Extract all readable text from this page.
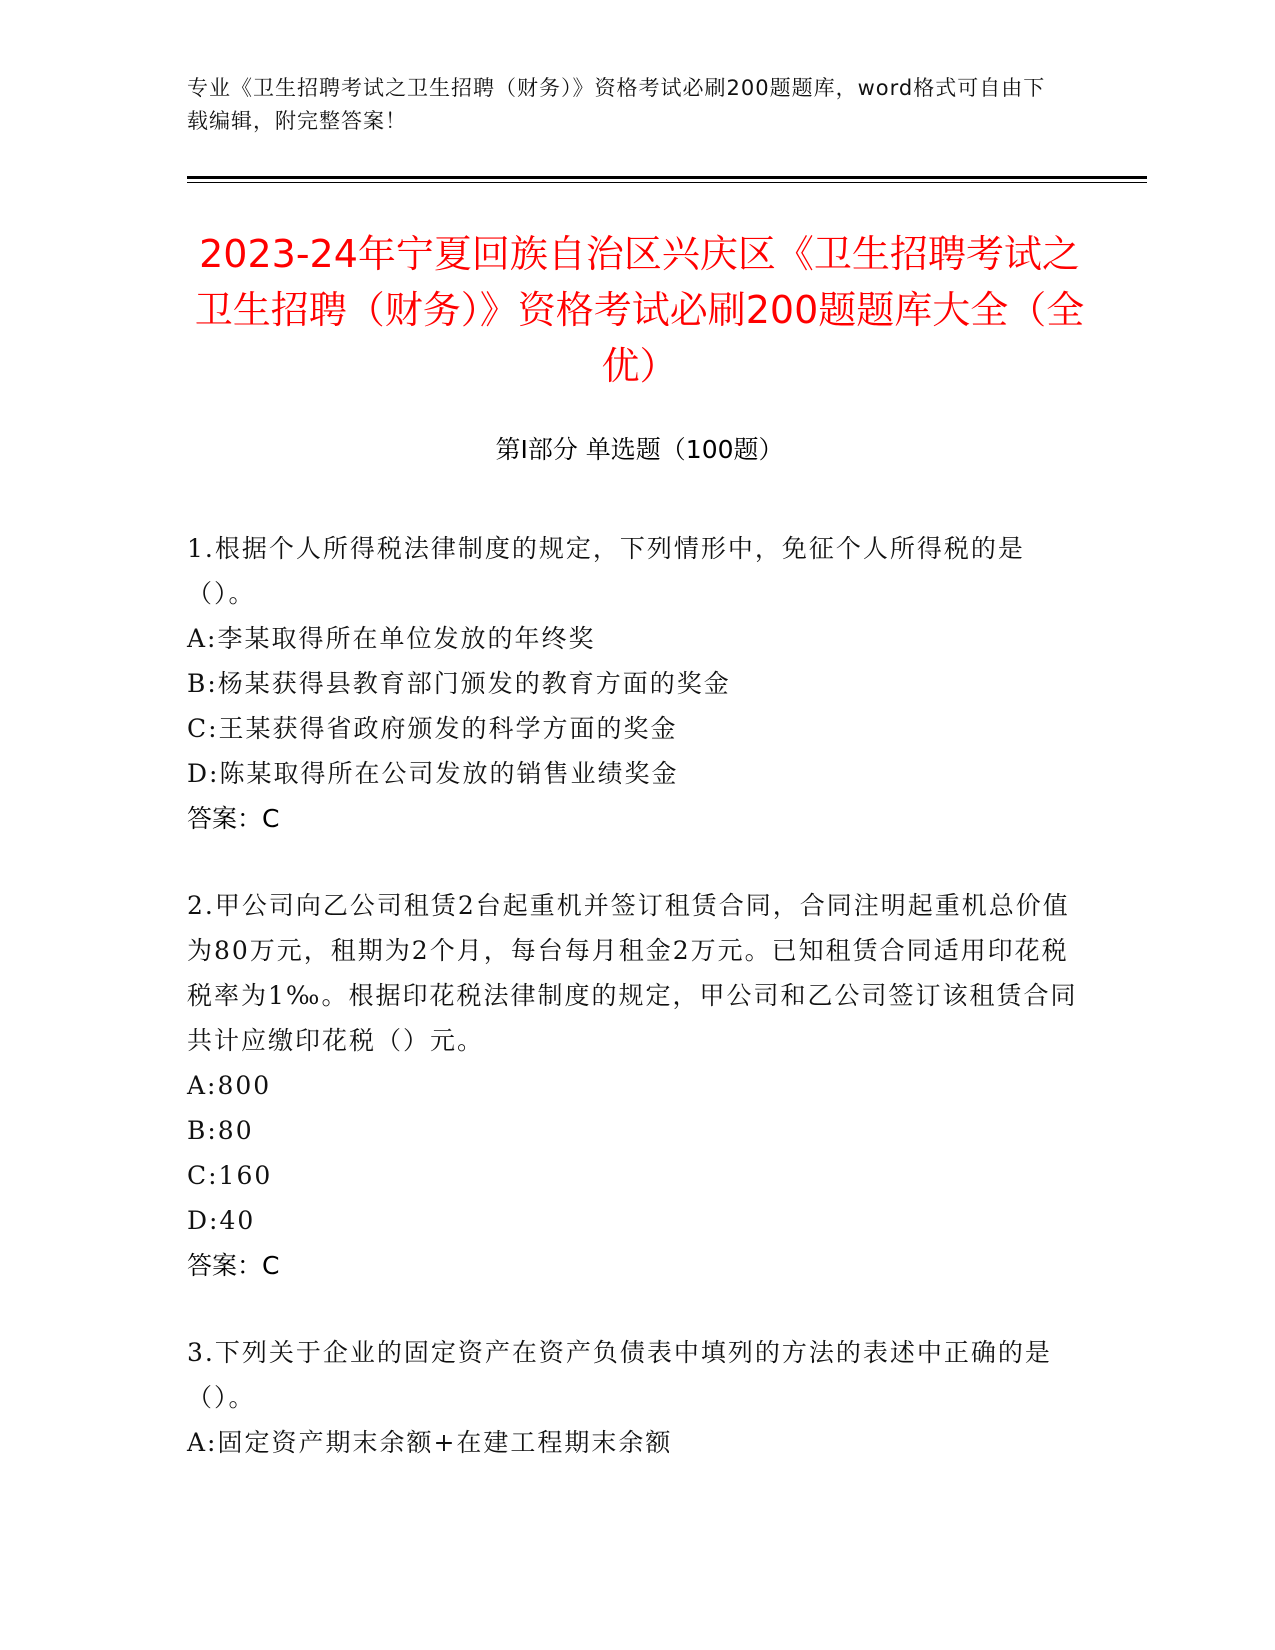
专业《卫生招聘考试之卫生招聘（财务）》资格考试必刷200题题库，word格式可自由下载编辑，附完整答案！
2023-24年宁夏回族自治区兴庆区《卫生招聘考试之卫生招聘（财务）》资格考试必刷200题题库大全（全优）
第I部分 单选题（100题）
1.根据个人所得税法律制度的规定，下列情形中，免征个人所得税的是（）。
A:李某取得所在单位发放的年终奖
B:杨某获得县教育部门颁发的教育方面的奖金
C:王某获得省政府颁发的科学方面的奖金
D:陈某取得所在公司发放的销售业绩奖金
答案：C
2.甲公司向乙公司租赁2台起重机并签订租赁合同，合同注明起重机总价值为80万元，租期为2个月，每台每月租金2万元。已知租赁合同适用印花税税率为1‰。根据印花税法律制度的规定，甲公司和乙公司签订该租赁合同共计应缴印花税（）元。
A:800
B:80
C:160
D:40
答案：C
3.下列关于企业的固定资产在资产负债表中填列的方法的表述中正确的是（）。
A:固定资产期末余额+在建工程期末余额
